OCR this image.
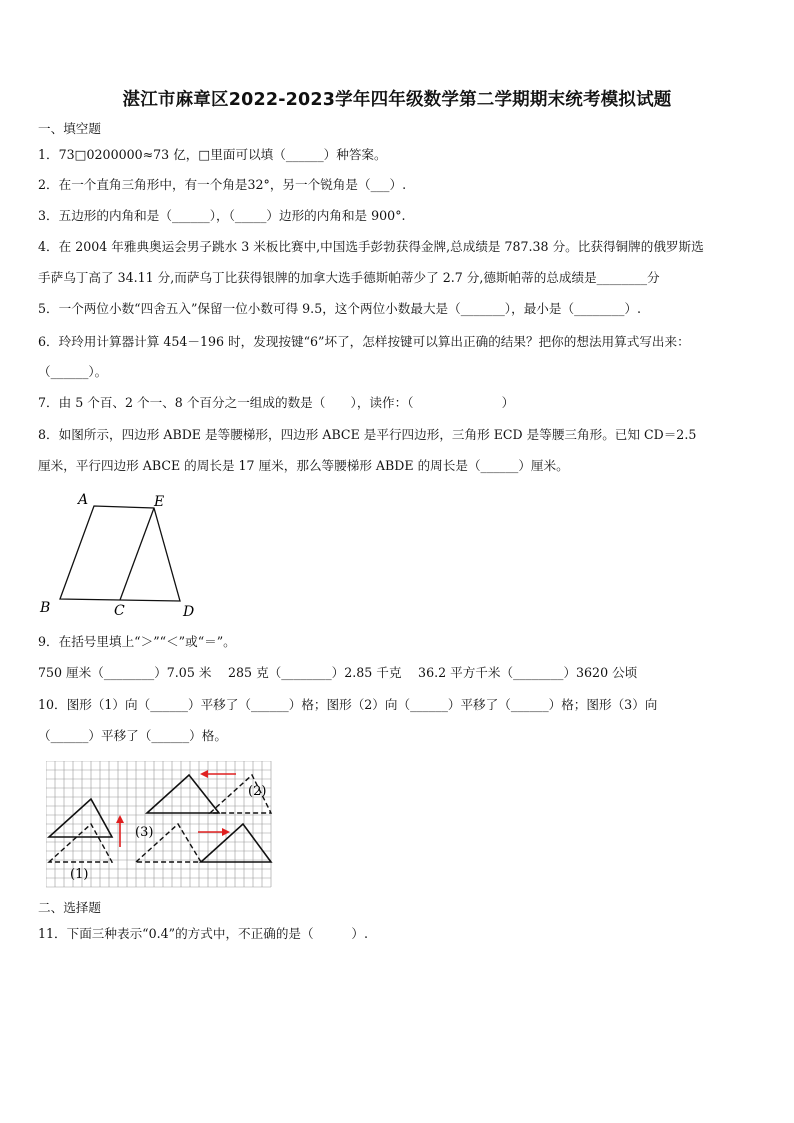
湛江市麻章区2022-2023学年四年级数学第二学期期末统考模拟试题
一、填空题
1．73□0200000≈73 亿，□里面可以填（______）种答案。
2．在一个直角三角形中，有一个角是32°，另一个锐角是（___）.
3．五边形的内角和是（______），（_____）边形的内角和是 900°.
4．在 2004 年雅典奥运会男子跳水 3 米板比赛中,中国选手彭勃获得金牌,总成绩是 787.38 分。比获得铜牌的俄罗斯选
手萨乌丁高了 34.11 分,而萨乌丁比获得银牌的加拿大选手德斯帕蒂少了 2.7 分,德斯帕蒂的总成绩是________分
5．一个两位小数“四舍五入”保留一位小数可得 9.5，这个两位小数最大是（_______），最小是（________）.
6．玲玲用计算器计算 454－196 时，发现按键“6”坏了，怎样按键可以算出正确的结果？把你的想法用算式写出来：
（______）。
7．由 5 个百、2 个一、8 个百分之一组成的数是（　　），读作：（　　　　　　　）
8．如图所示，四边形 ABDE 是等腰梯形，四边形 ABCE 是平行四边形，三角形 ECD 是等腰三角形。已知 CD＝2.5
厘米，平行四边形 ABCE 的周长是 17 厘米，那么等腰梯形 ABDE 的周长是（______）厘米。
A	E
B	C	D
9．在括号里填上“＞”“＜”或“＝”。
750 厘米（________）7.05 米　 285 克（________）2.85 千克　 36.2 平方千米（________）3620 公顷
10．图形（1）向（______）平移了（______）格；图形（2）向（______）平移了（______）格；图形（3）向
（______）平移了（______）格。
(1)
(2)
(3)
二、选择题
11．下面三种表示“0.4”的方式中，不正确的是（　　　）.
